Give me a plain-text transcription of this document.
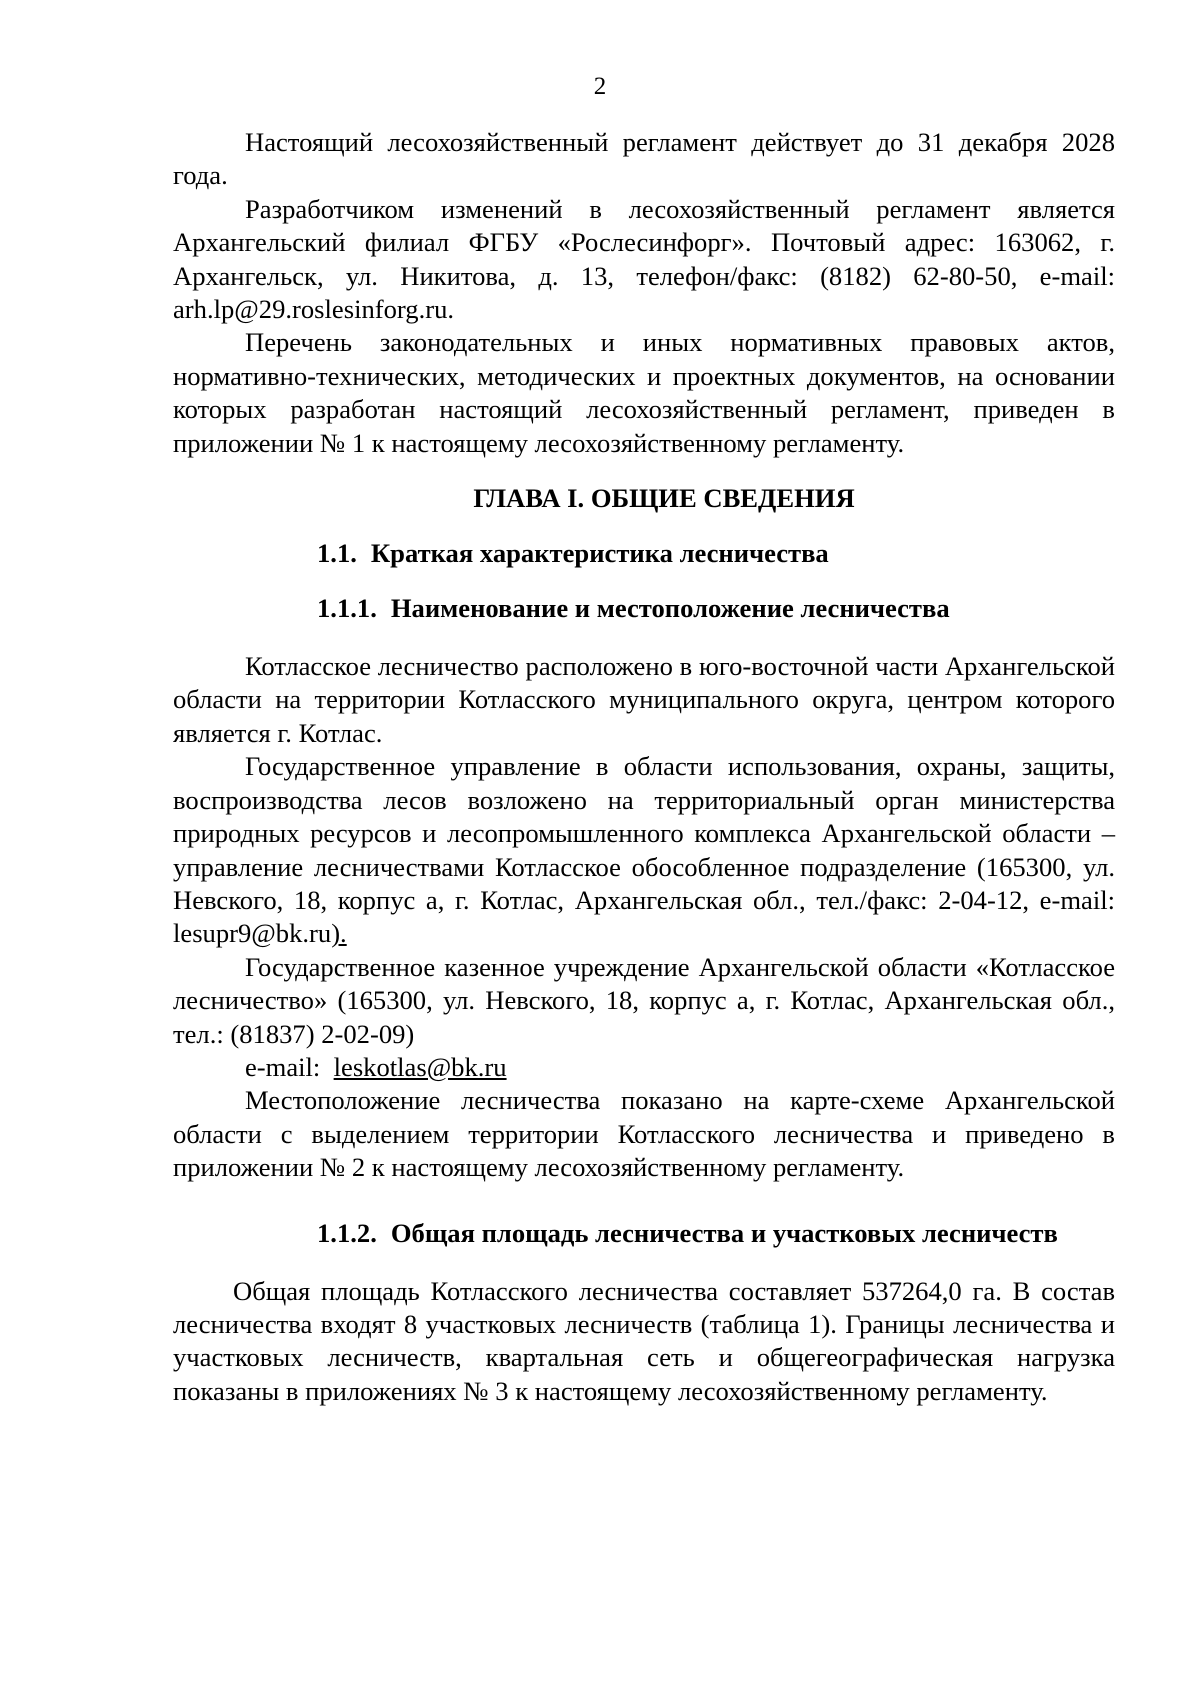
2

Настоящий лесохозяйственный регламент действует до 31 декабря 2028 года.

Разработчиком изменений в лесохозяйственный регламент является Архангельский филиал ФГБУ «Рослесинфорг». Почтовый адрес: 163062, г. Архангельск, ул. Никитова, д. 13, телефон/факс: (8182) 62-80-50, e-mail: arh.lp@29.roslesinforg.ru.

Перечень законодательных и иных нормативных правовых актов, нормативно-технических, методических и проектных документов, на основании которых разработан настоящий лесохозяйственный регламент, приведен в приложении № 1 к настоящему лесохозяйственному регламенту.

ГЛАВА I. ОБЩИЕ СВЕДЕНИЯ
1.1. Краткая характеристика лесничества
1.1.1. Наименование и местоположение лесничества

Котласское лесничество расположено в юго-восточной части Архангельской области на территории Котласского муниципального округа, центром которого является г. Котлас.

Государственное управление в области использования, охраны, защиты, воспроизводства лесов возложено на территориальный орган министерства природных ресурсов и лесопромышленного комплекса Архангельской области – управление лесничествами Котласское обособленное подразделение (165300, ул. Невского, 18, корпус а, г. Котлас, Архангельская обл., тел./факс: 2-04-12, e-mail: lesupr9@bk.ru).

Государственное казенное учреждение Архангельской области «Котласское лесничество» (165300, ул. Невского, 18, корпус а, г. Котлас, Архангельская обл., тел.: (81837) 2-02-09)

e-mail: leskotlas@bk.ru

Местоположение лесничества показано на карте-схеме Архангельской области с выделением территории Котласского лесничества и приведено в приложении № 2 к настоящему лесохозяйственному регламенту.

1.1.2. Общая площадь лесничества и участковых лесничеств

Общая площадь Котласского лесничества составляет 537264,0 га. В состав лесничества входят 8 участковых лесничеств (таблица 1). Границы лесничества и участковых лесничеств, квартальная сеть и общегеографическая нагрузка показаны в приложениях № 3 к настоящему лесохозяйственному регламенту.
